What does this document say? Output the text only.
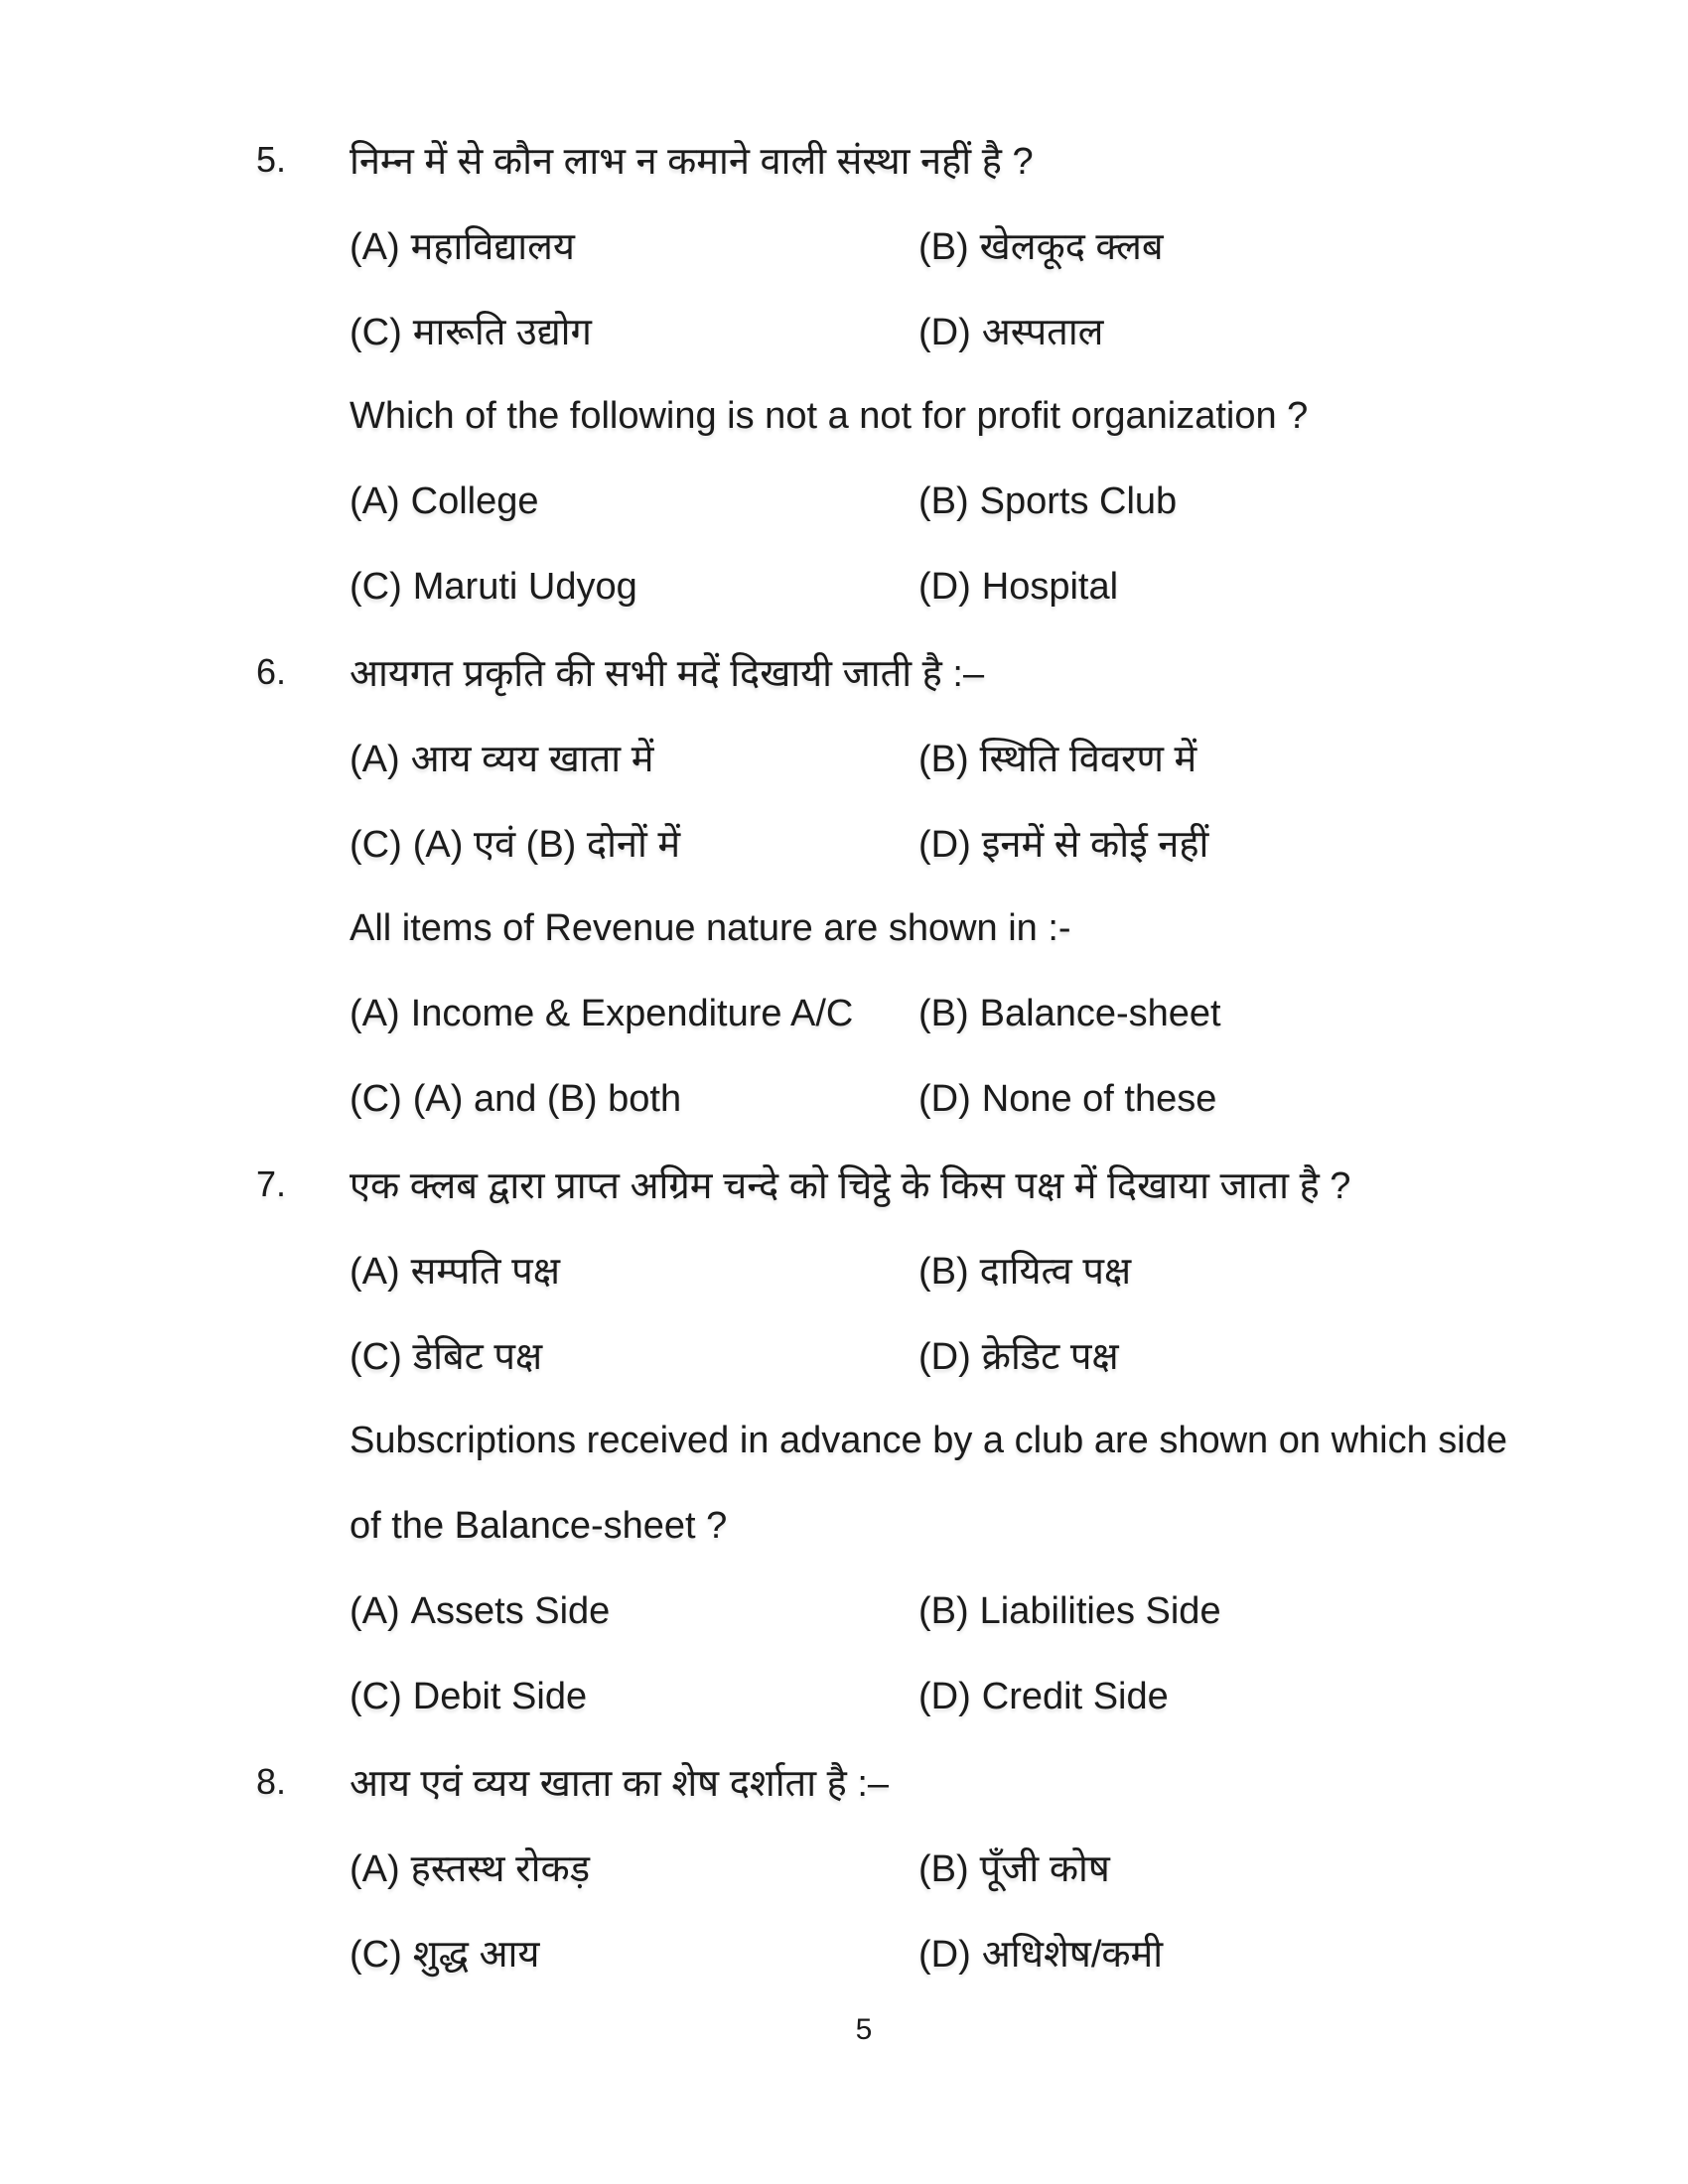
5. निम्न में से कौन लाभ न कमाने वाली संस्था नहीं है ?
(A) महाविद्यालय	(B) खेलकूद क्लब
(C) मारूति उद्योग	(D) अस्पताल
Which of the following is not a not for profit organization ?
(A) College	(B) Sports Club
(C) Maruti Udyog	(D) Hospital
6. आयगत प्रकृति की सभी मदें दिखायी जाती है :–
(A) आय व्यय खाता में	(B) स्थिति विवरण में
(C) (A) एवं (B) दोनों में	(D) इनमें से कोई नहीं
All items of Revenue nature are shown in :-
(A) Income & Expenditure A/C	(B) Balance-sheet
(C) (A) and (B) both	(D) None of these
7. एक क्लब द्वारा प्राप्त अग्रिम चन्दे को चिट्ठे के किस पक्ष में दिखाया जाता है ?
(A) सम्पति पक्ष	(B) दायित्व पक्ष
(C) डेबिट पक्ष	(D) क्रेडिट पक्ष
Subscriptions received in advance by a club are shown on which side
of the Balance-sheet ?
(A) Assets Side	(B) Liabilities Side
(C) Debit Side	(D) Credit Side
8. आय एवं व्यय खाता का शेष दर्शाता है :–
(A) हस्तस्थ रोकड़	(B) पूँजी कोष
(C) शुद्ध आय	(D) अधिशेष/कमी
5
